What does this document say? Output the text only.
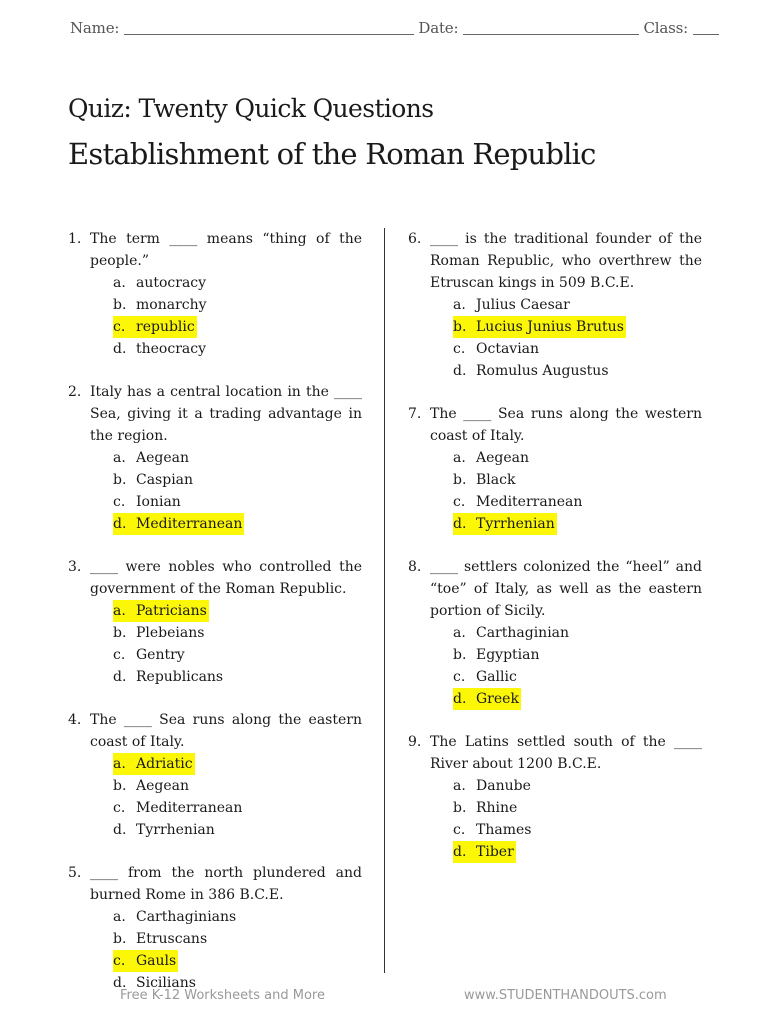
Name:	Date:	Class:
Quiz: Twenty Quick Questions
Establishment of the Roman Republic
1. The term ____ means “thing of the people.”
a. autocracy
b. monarchy
c. republic
d. theocracy
2. Italy has a central location in the ____ Sea, giving it a trading advantage in the region.
a. Aegean
b. Caspian
c. Ionian
d. Mediterranean
3. ____ were nobles who controlled the government of the Roman Republic.
a. Patricians
b. Plebeians
c. Gentry
d. Republicans
4. The ____ Sea runs along the eastern coast of Italy.
a. Adriatic
b. Aegean
c. Mediterranean
d. Tyrrhenian
5. ____ from the north plundered and burned Rome in 386 B.C.E.
a. Carthaginians
b. Etruscans
c. Gauls
d. Sicilians
6. ____ is the traditional founder of the Roman Republic, who overthrew the Etruscan kings in 509 B.C.E.
a. Julius Caesar
b. Lucius Junius Brutus
c. Octavian
d. Romulus Augustus
7. The ____ Sea runs along the western coast of Italy.
a. Aegean
b. Black
c. Mediterranean
d. Tyrrhenian
8. ____ settlers colonized the “heel” and “toe” of Italy, as well as the eastern portion of Sicily.
a. Carthaginian
b. Egyptian
c. Gallic
d. Greek
9. The Latins settled south of the ____ River about 1200 B.C.E.
a. Danube
b. Rhine
c. Thames
d. Tiber
Free K-12 Worksheets and More	www.STUDENTHANDOUTS.com
